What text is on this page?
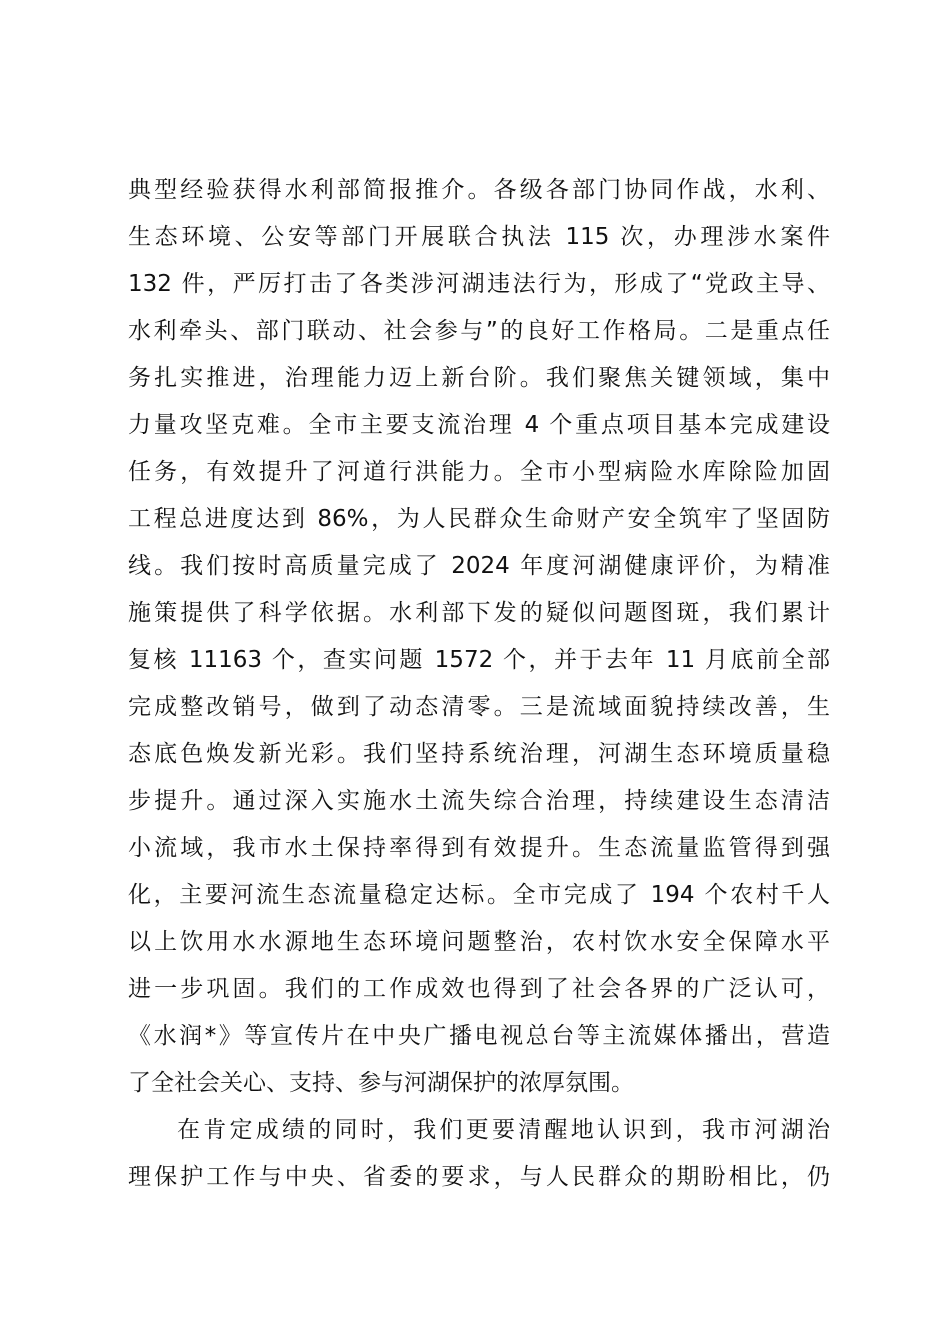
典型经验获得水利部简报推介。各级各部门协同作战，水利、
生态环境、公安等部门开展联合执法 115 次，办理涉水案件
132 件，严厉打击了各类涉河湖违法行为，形成了“党政主导、
水利牵头、部门联动、社会参与”的良好工作格局。二是重点任
务扎实推进，治理能力迈上新台阶。我们聚焦关键领域，集中
力量攻坚克难。全市主要支流治理 4 个重点项目基本完成建设
任务，有效提升了河道行洪能力。全市小型病险水库除险加固
工程总进度达到 86%，为人民群众生命财产安全筑牢了坚固防
线。我们按时高质量完成了 2024 年度河湖健康评价，为精准
施策提供了科学依据。水利部下发的疑似问题图斑，我们累计
复核 11163 个，查实问题 1572 个，并于去年 11 月底前全部
完成整改销号，做到了动态清零。三是流域面貌持续改善，生
态底色焕发新光彩。我们坚持系统治理，河湖生态环境质量稳
步提升。通过深入实施水土流失综合治理，持续建设生态清洁
小流域，我市水土保持率得到有效提升。生态流量监管得到强
化，主要河流生态流量稳定达标。全市完成了 194 个农村千人
以上饮用水水源地生态环境问题整治，农村饮水安全保障水平
进一步巩固。我们的工作成效也得到了社会各界的广泛认可，
《水润*》等宣传片在中央广播电视总台等主流媒体播出，营造
了全社会关心、支持、参与河湖保护的浓厚氛围。
在肯定成绩的同时，我们更要清醒地认识到，我市河湖治
理保护工作与中央、省委的要求，与人民群众的期盼相比，仍
